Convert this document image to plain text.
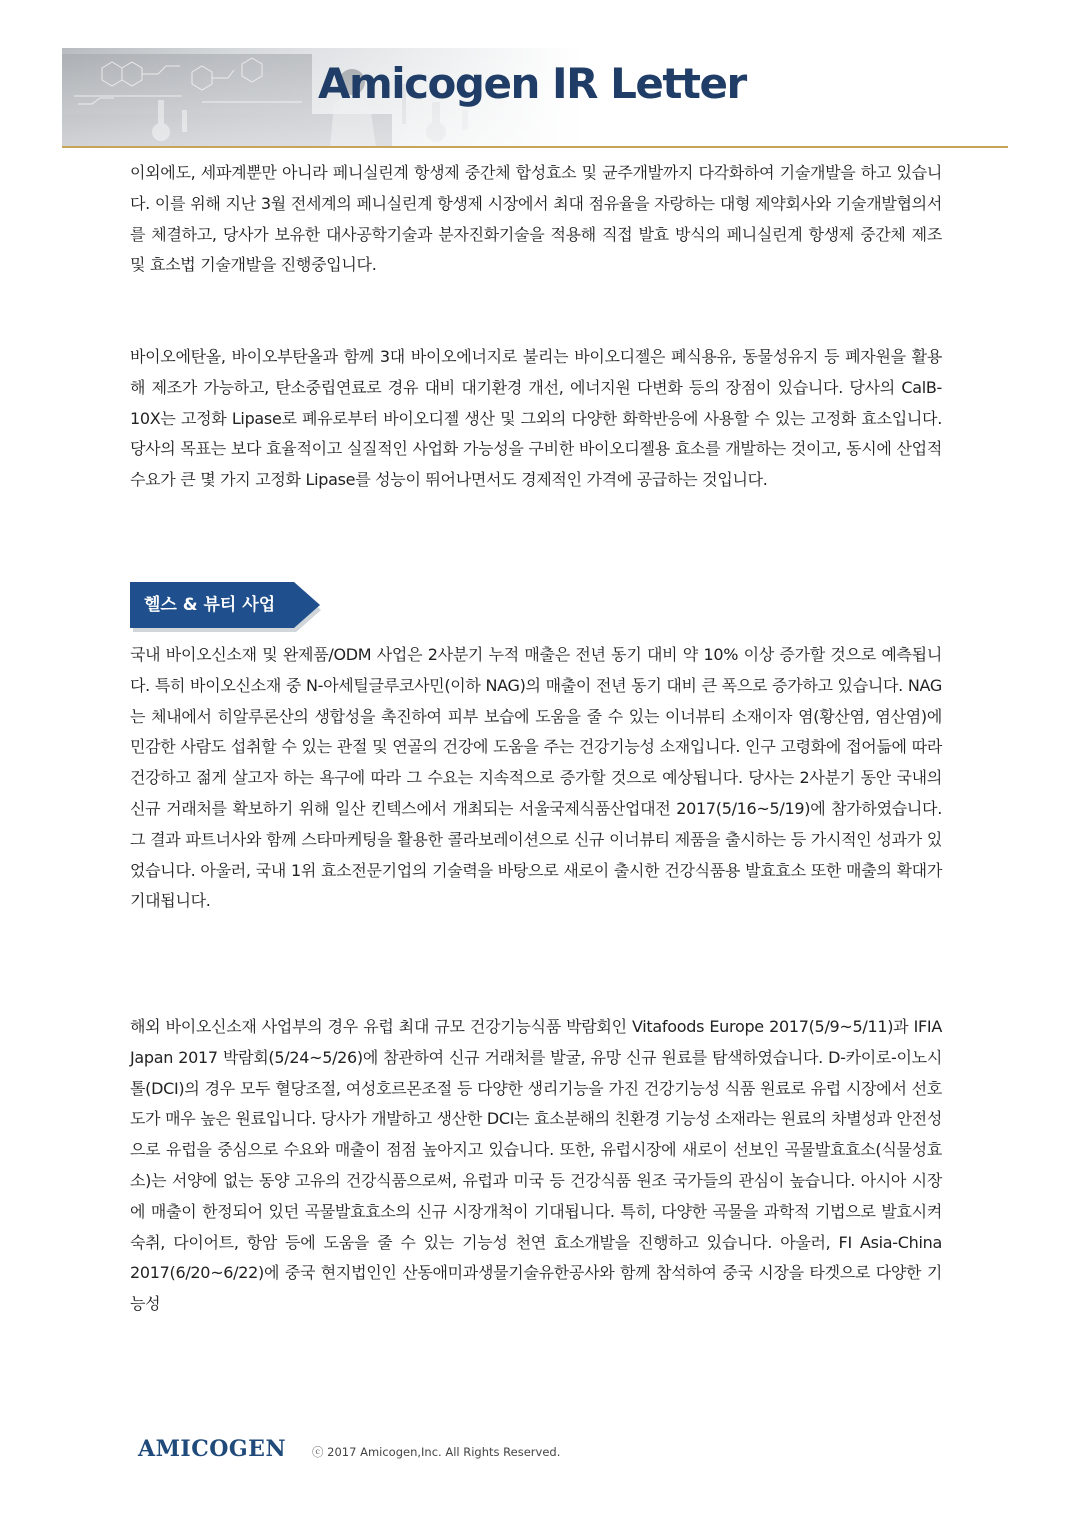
Amicogen IR Letter

이외에도, 세파계뿐만 아니라 페니실린계 항생제 중간체 합성효소 및 균주개발까지 다각화하여 기술개발을 하고 있습니다. 이를 위해 지난 3월 전세계의 페니실린계 항생제 시장에서 최대 점유율을 자랑하는 대형 제약회사와 기술개발협의서를 체결하고, 당사가 보유한 대사공학기술과 분자진화기술을 적용해 직접 발효 방식의 페니실린계 항생제 중간체 제조 및 효소법 기술개발을 진행중입니다.

바이오에탄올, 바이오부탄올과 함께 3대 바이오에너지로 불리는 바이오디젤은 폐식용유, 동물성유지 등 폐자원을 활용해 제조가 가능하고, 탄소중립연료로 경유 대비 대기환경 개선, 에너지원 다변화 등의 장점이 있습니다. 당사의 CalB-10X는 고정화 Lipase로 폐유로부터 바이오디젤 생산 및 그외의 다양한 화학반응에 사용할 수 있는 고정화 효소입니다. 당사의 목표는 보다 효율적이고 실질적인 사업화 가능성을 구비한 바이오디젤용 효소를 개발하는 것이고, 동시에 산업적 수요가 큰 몇 가지 고정화 Lipase를 성능이 뛰어나면서도 경제적인 가격에 공급하는 것입니다.

국내 바이오신소재 및 완제품/ODM 사업은 2사분기 누적 매출은 전년 동기 대비 약 10% 이상 증가할 것으로 예측됩니다. 특히 바이오신소재 중 N-아세틸글루코사민(이하 NAG)의 매출이 전년 동기 대비 큰 폭으로 증가하고 있습니다. NAG는 체내에서 히알루론산의 생합성을 촉진하여 피부 보습에 도움을 줄 수 있는 이너뷰티 소재이자 염(황산염, 염산염)에 민감한 사람도 섭취할 수 있는 관절 및 연골의 건강에 도움을 주는 건강기능성 소재입니다. 인구 고령화에 접어듦에 따라 건강하고 젊게 살고자 하는 욕구에 따라 그 수요는 지속적으로 증가할 것으로 예상됩니다. 당사는 2사분기 동안 국내의 신규 거래처를 확보하기 위해 일산 킨텍스에서 개최되는 서울국제식품산업대전 2017(5/16~5/19)에 참가하였습니다. 그 결과 파트너사와 함께 스타마케팅을 활용한 콜라보레이션으로 신규 이너뷰티 제품을 출시하는 등 가시적인 성과가 있었습니다. 아울러, 국내 1위 효소전문기업의 기술력을 바탕으로 새로이 출시한 건강식품용 발효효소 또한 매출의 확대가 기대됩니다.

해외 바이오신소재 사업부의 경우 유럽 최대 규모 건강기능식품 박람회인 Vitafoods Europe 2017(5/9~5/11)과 IFIA Japan 2017 박람회(5/24~5/26)에 참관하여 신규 거래처를 발굴, 유망 신규 원료를 탐색하였습니다. D-카이로-이노시톨(DCI)의 경우 모두 혈당조절, 여성호르몬조절 등 다양한 생리기능을 가진 건강기능성 식품 원료로 유럽 시장에서 선호도가 매우 높은 원료입니다. 당사가 개발하고 생산한 DCI는 효소분해의 친환경 기능성 소재라는 원료의 차별성과 안전성으로 유럽을 중심으로 수요와 매출이 점점 높아지고 있습니다. 또한, 유럽시장에 새로이 선보인 곡물발효효소(식물성효소)는 서양에 없는 동양 고유의 건강식품으로써, 유럽과 미국 등 건강식품 원조 국가들의 관심이 높습니다. 아시아 시장에 매출이 한정되어 있던 곡물발효효소의 신규 시장개척이 기대됩니다. 특히, 다양한 곡물을 과학적 기법으로 발효시켜 숙취, 다이어트, 항암 등에 도움을 줄 수 있는 기능성 천연 효소개발을 진행하고 있습니다. 아울러, FI Asia-China 2017(6/20~6/22)에 중국 현지법인인 산동애미과생물기술유한공사와 함께 참석하여 중국 시장을 타겟으로 다양한 기능성

헬스 & 뷰티 사업
AMICOGEN ⓒ 2017 Amicogen,Inc. All Rights Reserved.
